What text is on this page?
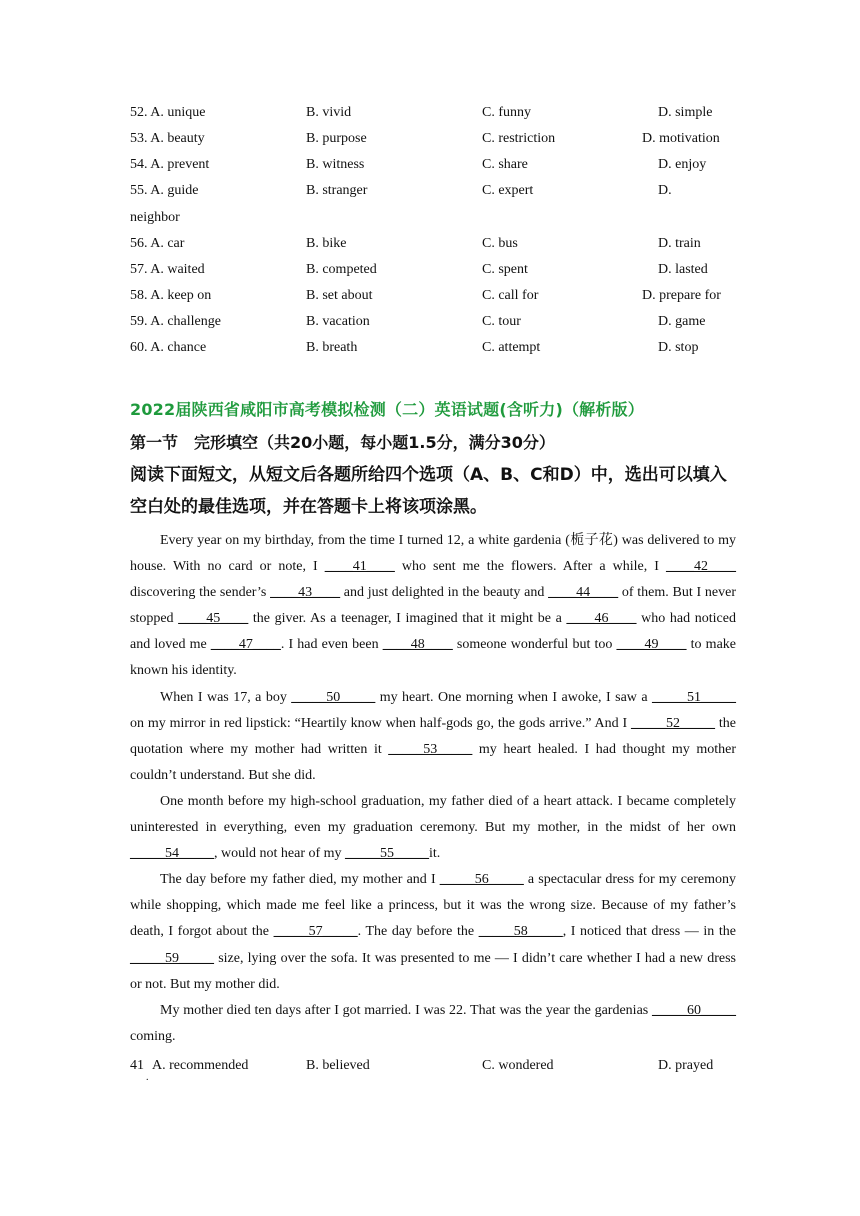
52. A. unique	B. vivid	C. funny	D. simple
53. A. beauty	B. purpose	C. restriction	D. motivation
54. A. prevent	B. witness	C. share	D. enjoy
55. A. guide	B. stranger	C. expert	D.
neighbor
56. A. car	B. bike	C. bus	D. train
57. A. waited	B. competed	C. spent	D. lasted
58. A. keep on	B. set about	C. call for	D. prepare for
59. A. challenge	B. vacation	C. tour	D. game
60. A. chance	B. breath	C. attempt	D. stop
2022届陕西省咸阳市高考模拟检测（二）英语试题(含听力)（解析版）
第一节　完形填空（共20小题，每小题1.5分，满分30分）
阅读下面短文，从短文后各题所给四个选项（A、B、C和D）中，选出可以填入空白处的最佳选项，并在答题卡上将该项涂黑。

Every year on my birthday, from the time I turned 12, a white gardenia (栀子花) was delivered to my house. With no card or note, I ____41____ who sent me the flowers. After a while, I ____42____ discovering the sender’s ____43____ and just delighted in the beauty and ____44____ of them. But I never stopped ____45____ the giver. As a teenager, I imagined that it might be a ____46____ who had noticed and loved me ____47____. I had even been ____48____ someone wonderful but too ____49____ to make known his identity.

When I was 17, a boy _____50_____ my heart. One morning when I awoke, I saw a _____51_____ on my mirror in red lipstick: “Heartily know when half-gods go, the gods arrive.” And I _____52_____ the quotation where my mother had written it _____53_____ my heart healed. I had thought my mother couldn’t understand. But she did.

One month before my high-school graduation, my father died of a heart attack. I became completely uninterested in everything, even my graduation ceremony. But my mother, in the midst of her own _____54_____, would not hear of my _____55_____it.

The day before my father died, my mother and I _____56_____ a spectacular dress for my ceremony while shopping, which made me feel like a princess, but it was the wrong size. Because of my father’s death, I forgot about the _____57_____. The day before the _____58_____, I noticed that dress — in the _____59_____ size, lying over the sofa. It was presented to me — I didn’t care whether I had a new dress or not. But my mother did.

My mother died ten days after I got married. I was 22. That was the year the gardenias _____60_____ coming.

41 A. recommended	B. believed	C. wondered	D. prayed
.
